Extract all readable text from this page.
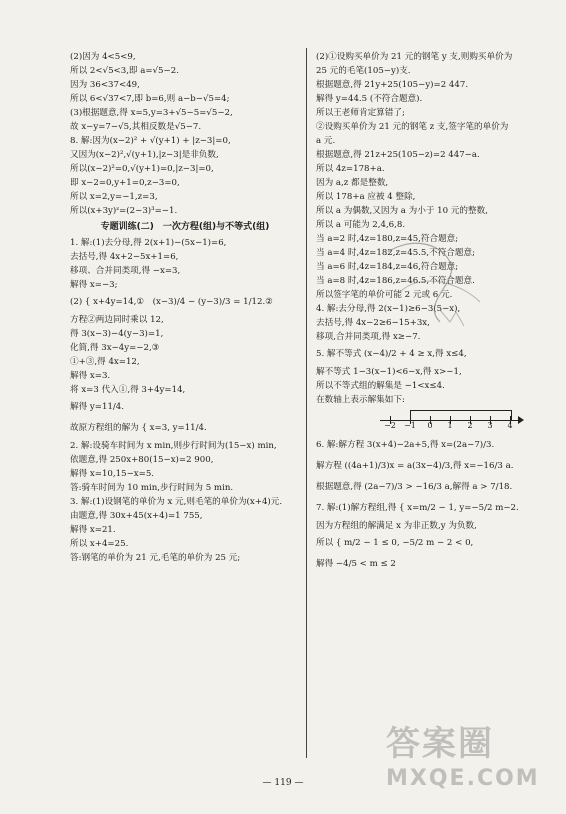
(2)因为 4<5<9,
所以 2<√5<3,即 a=√5−2.
因为 36<37<49,
所以 6<√37<7,即 b=6,则 a−b−√5=4;
(3)根据题意,得 x=5,y=3+√5−5=√5−2,
故 x−y=7−√5,其相反数是√5−7.
8. 解:因为(x−2)² + √(y+1) + |z−3|=0,
又因为(x−2)²,√(y+1),|z−3|是非负数,
所以(x−2)²=0,√(y+1)=0,|z−3|=0,
即 x−2=0,y+1=0,z−3=0,
所以 x=2,y=−1,z=3,
所以(x+3y)ᶻ=(2−3)³=−1.
专题训练(二)　一次方程(组)与不等式(组)
1. 解:(1)去分母,得 2(x+1)−(5x−1)=6,
去括号,得 4x+2−5x+1=6,
移项、合并同类项,得 −x=3,
解得 x=−3;
(2) { x+4y=14,①　(x−3)/4 − (y−3)/3 = 1/12.②
方程②两边同时乘以 12,
得 3(x−3)−4(y−3)=1,
化简,得 3x−4y=−2,③
①+③,得 4x=12,
解得 x=3.
将 x=3 代入①,得 3+4y=14,
解得 y=11/4.
故原方程组的解为 { x=3, y=11/4.
2. 解:设骑车时间为 x min,则步行时间为(15−x) min,
依题意,得 250x+80(15−x)=2 900,
解得 x=10,15−x=5.
答:骑车时间为 10 min,步行时间为 5 min.
3. 解:(1)设钢笔的单价为 x 元,则毛笔的单价为(x+4)元.
由题意,得 30x+45(x+4)=1 755,
解得 x=21.
所以 x+4=25.
答:钢笔的单价为 21 元,毛笔的单价为 25 元;
(2)①设购买单价为 21 元的钢笔 y 支,则购买单价为
25 元的毛笔(105−y)支.
根据题意,得 21y+25(105−y)=2 447.
解得 y=44.5 (不符合题意).
所以王老师肯定算错了;
②设购买单价为 21 元的钢笔 z 支,签字笔的单价为
a 元.
根据题意,得 21z+25(105−z)=2 447−a.
所以 4z=178+a.
因为 a,z 都是整数,
所以 178+a 应被 4 整除,
所以 a 为偶数,又因为 a 为小于 10 元的整数,
所以 a 可能为 2,4,6,8.
当 a=2 时,4z=180,z=45,符合题意;
当 a=4 时,4z=182,z=45.5,不符合题意;
当 a=6 时,4z=184,z=46,符合题意;
当 a=8 时,4z=186,z=46.5,不符合题意.
所以签字笔的单价可能 2 元或 6 元.
4. 解:去分母,得 2(x−1)≥6−3(5−x),
去括号,得 4x−2≥6−15+3x,
移项,合并同类项,得 x≥−7.
5. 解不等式 (x−4)/2 + 4 ≥ x,得 x≤4,
解不等式 1−3(x−1)<6−x,得 x>−1,
所以不等式组的解集是 −1<x≤4.
在数轴上表示解集如下:
−2 −1	0	1	2	3	4
6. 解:解方程 3(x+4)−2a+5,得 x=(2a−7)/3.
解方程 ((4a+1)/3)x = a(3x−4)/3,得 x=−16/3 a.
根据题意,得 (2a−7)/3 > −16/3 a,解得 a > 7/18.
7. 解:(1)解方程组,得 { x=m/2 − 1, y=−5/2 m−2.
因为方程组的解满足 x 为非正数,y 为负数,
所以 { m/2 − 1 ≤ 0, −5/2 m − 2 < 0,
解得 −4/5 < m ≤ 2
— 119 —
答案圈
MXQE.COM
